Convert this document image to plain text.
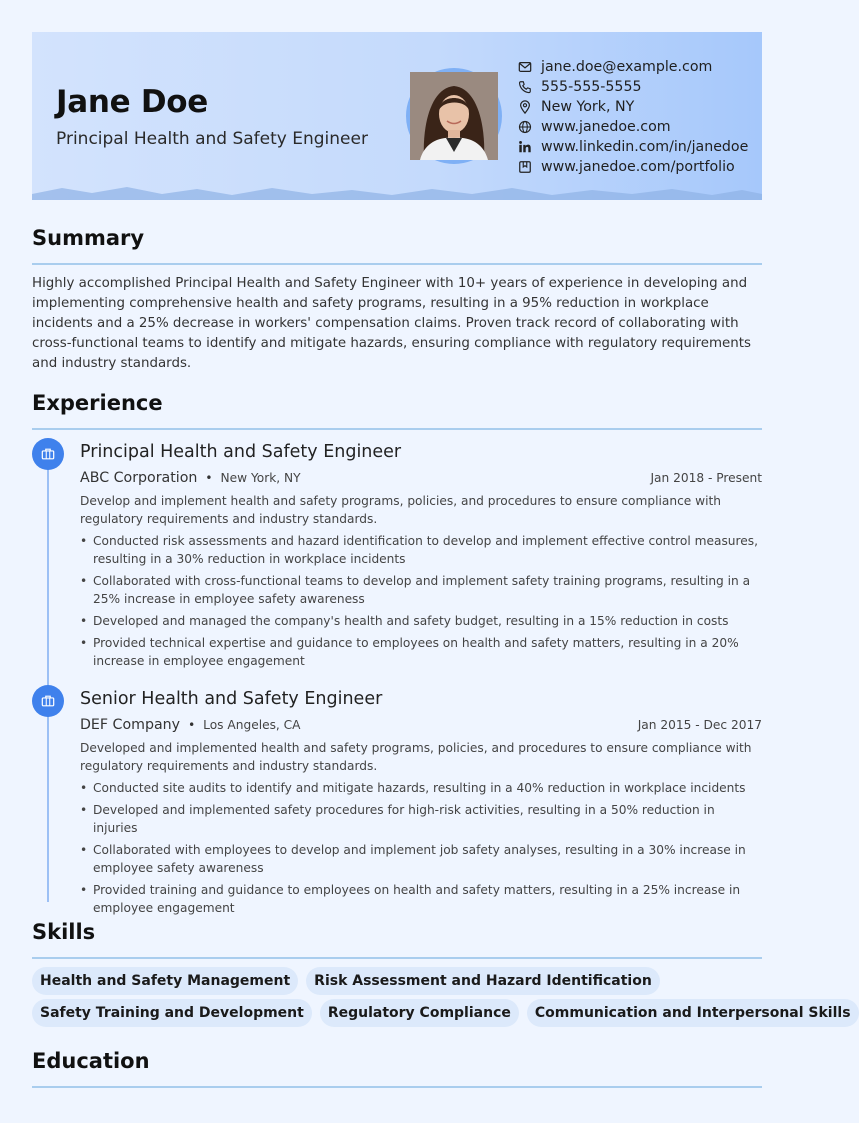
Jane Doe
Principal Health and Safety Engineer
jane.doe@example.com
555-555-5555
New York, NY
www.janedoe.com
www.linkedin.com/in/janedoe
www.janedoe.com/portfolio
Summary
Highly accomplished Principal Health and Safety Engineer with 10+ years of experience in developing and implementing comprehensive health and safety programs, resulting in a 95% reduction in workplace incidents and a 25% decrease in workers' compensation claims. Proven track record of collaborating with cross-functional teams to identify and mitigate hazards, ensuring compliance with regulatory requirements and industry standards.
Experience
Principal Health and Safety Engineer
ABC Corporation • New York, NY	Jan 2018 - Present
Develop and implement health and safety programs, policies, and procedures to ensure compliance with regulatory requirements and industry standards.
• Conducted risk assessments and hazard identification to develop and implement effective control measures, resulting in a 30% reduction in workplace incidents
• Collaborated with cross-functional teams to develop and implement safety training programs, resulting in a 25% increase in employee safety awareness
• Developed and managed the company's health and safety budget, resulting in a 15% reduction in costs
• Provided technical expertise and guidance to employees on health and safety matters, resulting in a 20% increase in employee engagement
Senior Health and Safety Engineer
DEF Company • Los Angeles, CA	Jan 2015 - Dec 2017
Developed and implemented health and safety programs, policies, and procedures to ensure compliance with regulatory requirements and industry standards.
• Conducted site audits to identify and mitigate hazards, resulting in a 40% reduction in workplace incidents
• Developed and implemented safety procedures for high-risk activities, resulting in a 50% reduction in injuries
• Collaborated with employees to develop and implement job safety analyses, resulting in a 30% increase in employee safety awareness
• Provided training and guidance to employees on health and safety matters, resulting in a 25% increase in employee engagement
Skills
Health and Safety Management	Risk Assessment and Hazard Identification
Safety Training and Development	Regulatory Compliance	Communication and Interpersonal Skills
Education
